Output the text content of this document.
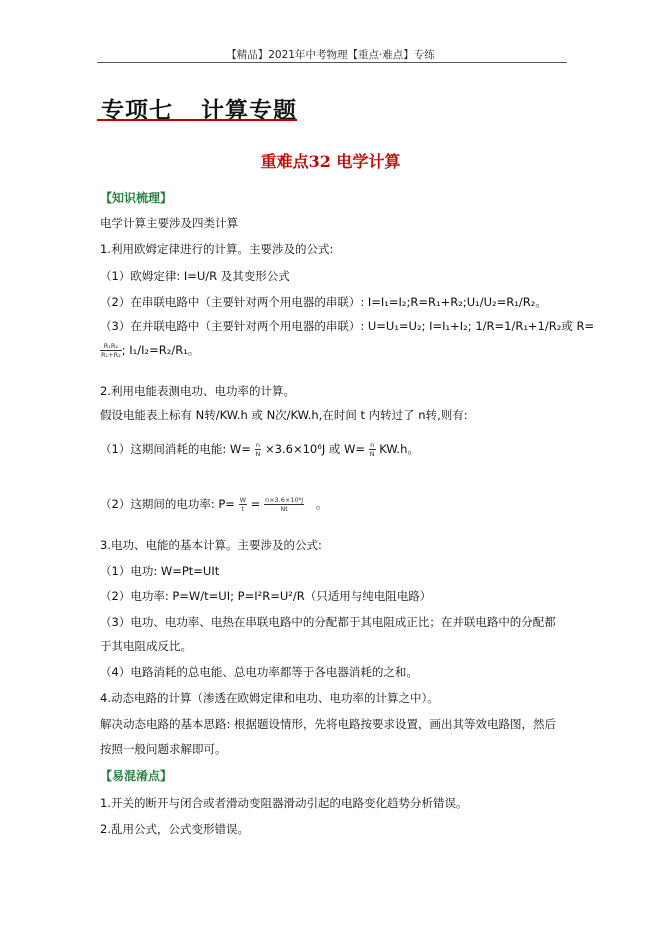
【精品】2021年中考物理【重点·难点】专练
专项七 计算专题
重难点32 电学计算
【知识梳理】
电学计算主要涉及四类计算
1.利用欧姆定律进行的计算。主要涉及的公式:
（1）欧姆定律: I=U/R 及其变形公式
（2）在串联电路中（主要针对两个用电器的串联）: I=I₁=I₂;R=R₁+R₂;U₁/U₂=R₁/R₂。
（3）在并联电路中（主要针对两个用电器的串联）: U=U₁=U₂; I=I₁+I₂; 1/R=1/R₁+1/R₂或 R=
$\frac{\text{R₁R₂}}{\text{R₁+R₂}}$ ; I₁/I₂=R₂/R₁。
2.利用电能表测电功、电功率的计算。
假设电能表上标有 N转/KW.h 或 N次/KW.h,在时间 t 内转过了 n转,则有:
（1）这期间消耗的电能: $W= \frac{n}{N} \times 3.6\times 10^6J$ 或 $W= \frac{n}{N} KW.h$。
（2）这期间的电功率: $P= \frac{W}{t} = \frac{\text{n×3.6×10⁶J}}{Nt}$ 。
3.电功、电能的基本计算。主要涉及的公式:
（1）电功: W=Pt=UIt
（2）电功率: P=W/t=UI; P=I²R=U²/R（只适用与纯电阻电路）
（3）电功、电功率、电热在串联电路中的分配都于其电阻成正比；在并联电路中的分配都
于其电阻成反比。
（4）电路消耗的总电能、总电功率都等于各电器消耗的之和。
4.动态电路的计算（渗透在欧姆定律和电功、电功率的计算之中）。
解决动态电路的基本思路: 根据题设情形，先将电路按要求设置，画出其等效电路图，然后
按照一般问题求解即可。
【易混淆点】
1.开关的断开与闭合或者滑动变阻器滑动引起的电路变化趋势分析错误。
2.乱用公式，公式变形错误。
